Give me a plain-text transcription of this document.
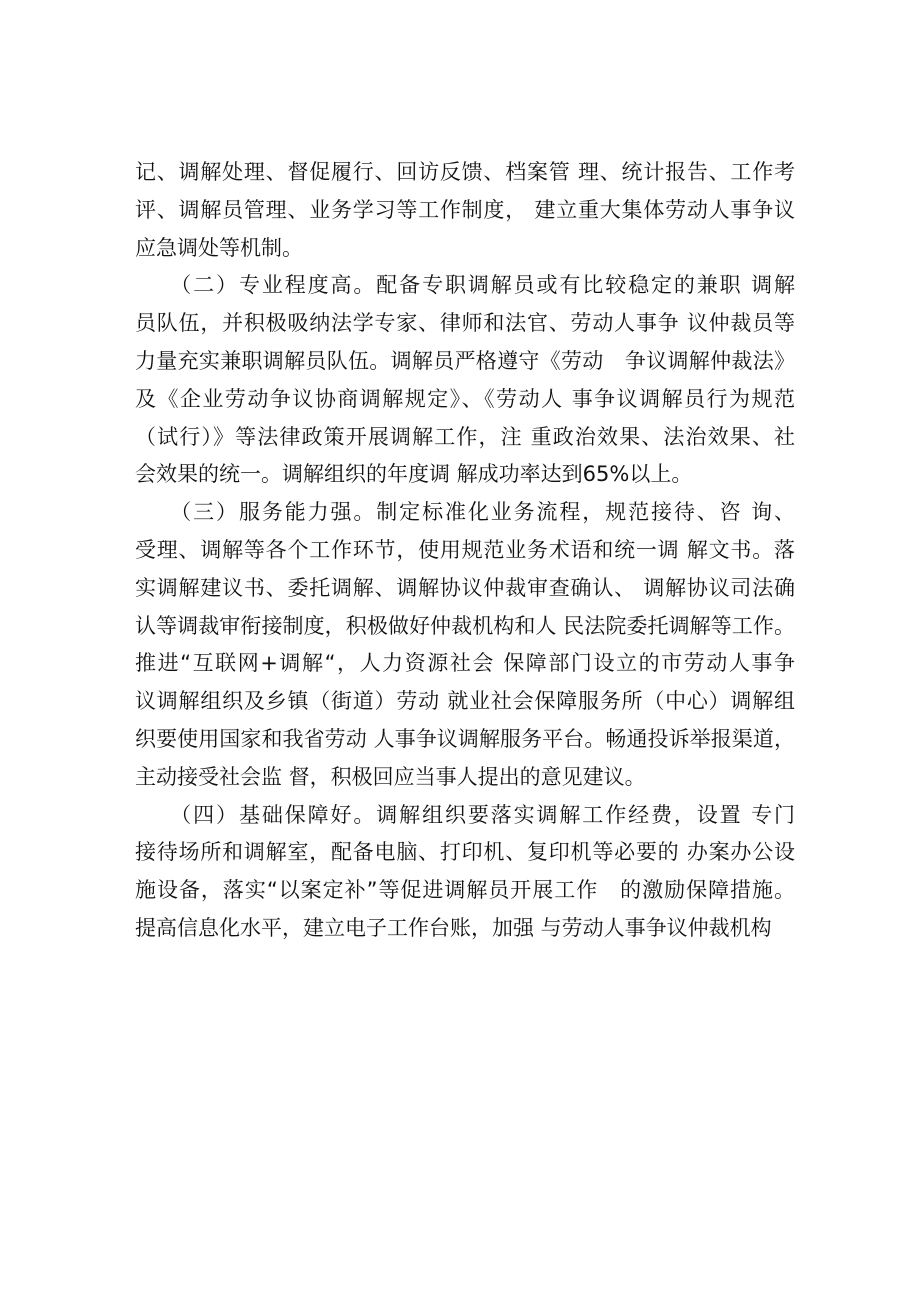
记、调解处理、督促履行、回访反馈、档案管 理、统计报告、工作考
评、调解员管理、业务学习等工作制度， 建立重大集体劳动人事争议
应急调处等机制。
　　（二）专业程度高。配备专职调解员或有比较稳定的兼职 调解
员队伍，并积极吸纳法学专家、律师和法官、劳动人事争 议仲裁员等
力量充实兼职调解员队伍。调解员严格遵守《劳动　争议调解仲裁法》
及《企业劳动争议协商调解规定》、《劳动人 事争议调解员行为规范
（试行）》等法律政策开展调解工作，注 重政治效果、法治效果、社
会效果的统一。调解组织的年度调 解成功率达到65%以上。
　　（三）服务能力强。制定标准化业务流程，规范接待、咨 询、
受理、调解等各个工作环节，使用规范业务术语和统一调 解文书。落
实调解建议书、委托调解、调解协议仲裁审查确认、 调解协议司法确
认等调裁审衔接制度，积极做好仲裁机构和人 民法院委托调解等工作。
推进“互联网+调解“，人力资源社会 保障部门设立的市劳动人事争
议调解组织及乡镇（街道）劳动 就业社会保障服务所（中心）调解组
织要使用国家和我省劳动 人事争议调解服务平台。畅通投诉举报渠道，
主动接受社会监 督，积极回应当事人提出的意见建议。
　　（四）基础保障好。调解组织要落实调解工作经费，设置 专门
接待场所和调解室，配备电脑、打印机、复印机等必要的 办案办公设
施设备，落实“以案定补”等促进调解员开展工作　的激励保障措施。
提高信息化水平，建立电子工作台账，加强 与劳动人事争议仲裁机构
